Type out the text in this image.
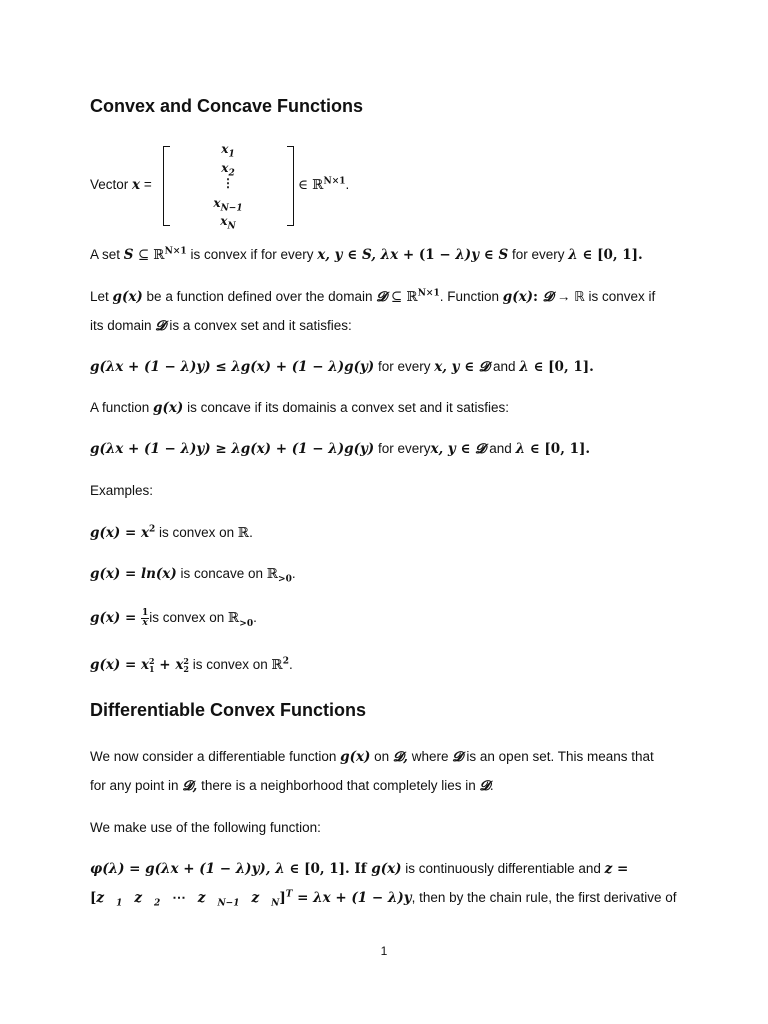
Convex and Concave Functions
Vector x =
$x_1$
$x_2$
⋮
$x_{N-1}$
$x_N$
∈ ℝ$^{N\times 1}$.
A set S ⊆ ℝ$^{N\times 1}$ is convex if for every x, y ∈ S, λx + (1 − λ)y ∈ S for every λ ∈ [0, 1].
Let g(x) be a function defined over the domain 𝓓 ⊆ ℝ$^{N\times 1}$. Function g(x): 𝓓 → ℝ is convex if
its domain 𝓓 is a convex set and it satisfies:
g(λx + (1 − λ)y) ≤ λg(x) + (1 − λ)g(y) for every x, y ∈ 𝓓 and λ ∈ [0, 1].
A function g(x) is concave if its domainis a convex set and it satisfies:
g(λx + (1 − λ)y) ≥ λg(x) + (1 − λ)g(y) for everyx, y ∈ 𝓓 and λ ∈ [0, 1].
Examples:
$g(x) = x^2$ is convex on ℝ.
g(x) = ln(x) is concave on ℝ$_{>0}$.
$g(x) = \frac{1}{x}$ is convex on ℝ$_{>0}$.
g(x) = x 2
1 + x 2
2 is convex on ℝ$^2$.
Differentiable Convex Functions
We now consider a differentiable function g(x) on 𝓓, where 𝓓 is an open set. This means that
for any point in 𝓓, there is a neighborhood that completely lies in 𝓓.
We make use of the following function:
φ(λ) = g(λx + (1 − λ)y), λ ∈ [0, 1]. If g(x) is continuously differentiable and z =
[z $_1$ z $_2$ ⋯ z $_{N-1}$ z $_N$]$^T$ = λx + (1 − λ)y, then by the chain rule, the first derivative of
1
